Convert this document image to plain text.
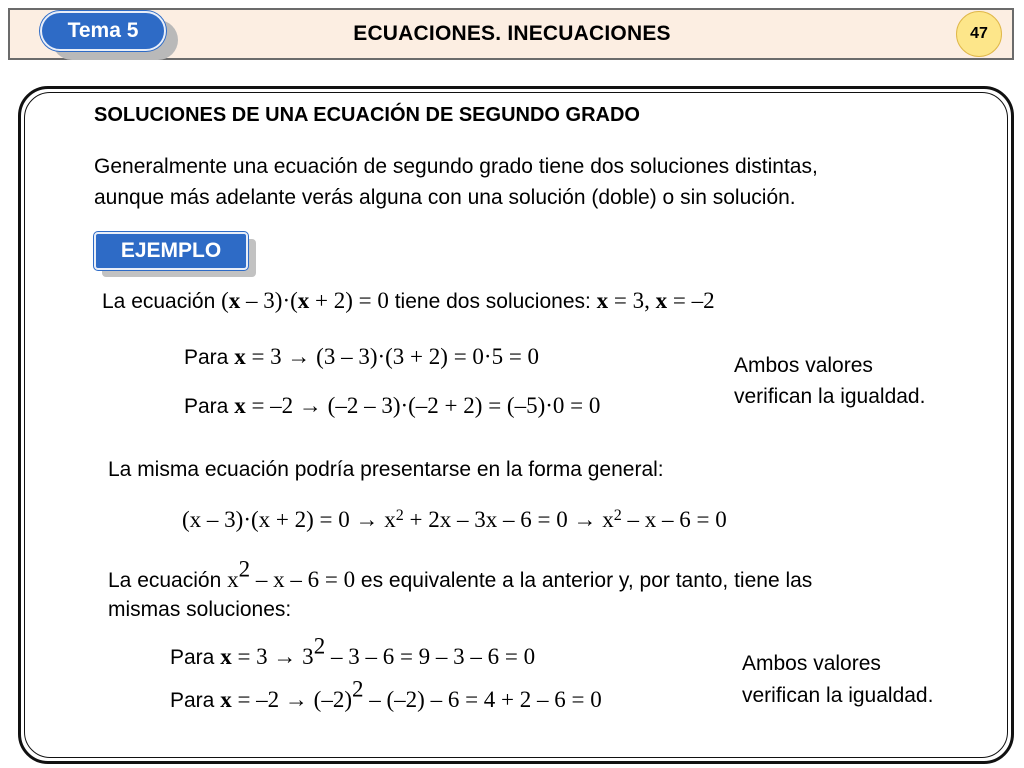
ECUACIONES. INECUACIONES
Tema 5	47
SOLUCIONES DE UNA ECUACIÓN DE SEGUNDO GRADO
Generalmente una ecuación de segundo grado tiene dos soluciones distintas,
aunque más adelante verás alguna con una solución (doble) o sin solución.
EJEMPLO
La ecuación (x – 3)·(x + 2) = 0 tiene dos soluciones: x = 3, x = –2
Para x = 3 → (3 – 3)·(3 + 2) = 0·5 = 0
Para x = –2 → (–2 – 3)·(–2 + 2) = (–5)·0 = 0
Ambos valores
verifican la igualdad.
La misma ecuación podría presentarse en la forma general:
$(x - 3)\cdot(x + 2) = 0 \to x^2 + 2x - 3x - 6 = 0 \to x^2 - x - 6 = 0$
La ecuación $x^2 - x - 6 = 0$ es equivalente a la anterior y, por tanto, tiene las
mismas soluciones:
Para $x = 3 \to 3^2 - 3 - 6 = 9 - 3 - 6 = 0$
Para $x = -2 \to (-2)^2 - (-2) - 6 = 4 + 2 - 6 = 0$
Ambos valores
verifican la igualdad.
